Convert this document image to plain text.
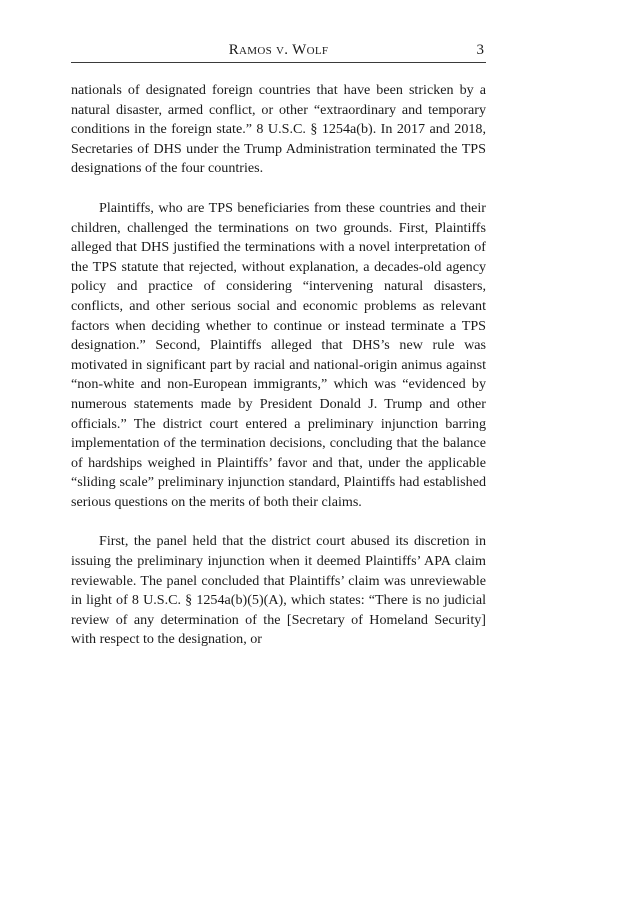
Ramos v. Wolf	3

nationals of designated foreign countries that have been stricken by a natural disaster, armed conflict, or other “extraordinary and temporary conditions in the foreign state.” 8 U.S.C. § 1254a(b). In 2017 and 2018, Secretaries of DHS under the Trump Administration terminated the TPS designations of the four countries.

Plaintiffs, who are TPS beneficiaries from these countries and their children, challenged the terminations on two grounds. First, Plaintiffs alleged that DHS justified the terminations with a novel interpretation of the TPS statute that rejected, without explanation, a decades-old agency policy and practice of considering “intervening natural disasters, conflicts, and other serious social and economic problems as relevant factors when deciding whether to continue or instead terminate a TPS designation.” Second, Plaintiffs alleged that DHS’s new rule was motivated in significant part by racial and national-origin animus against “non-white and non-European immigrants,” which was “evidenced by numerous statements made by President Donald J. Trump and other officials.” The district court entered a preliminary injunction barring implementation of the termination decisions, concluding that the balance of hardships weighed in Plaintiffs’ favor and that, under the applicable “sliding scale” preliminary injunction standard, Plaintiffs had established serious questions on the merits of both their claims.

First, the panel held that the district court abused its discretion in issuing the preliminary injunction when it deemed Plaintiffs’ APA claim reviewable. The panel concluded that Plaintiffs’ claim was unreviewable in light of 8 U.S.C. § 1254a(b)(5)(A), which states: “There is no judicial review of any determination of the [Secretary of Homeland Security] with respect to the designation, or
